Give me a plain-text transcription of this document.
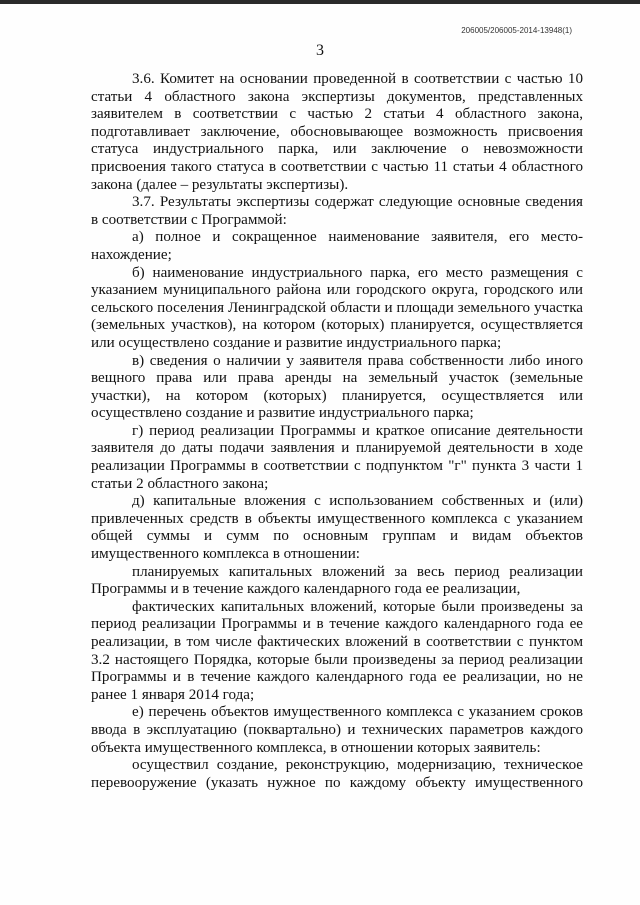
206005/206005-2014-13948(1)
3

3.6. Комитет на основании проведенной в соответствии с частью 10 статьи 4 областного закона экспертизы документов, представленных заявителем в соответствии с частью 2 статьи 4 областного закона, подготавливает заключение, обосновывающее возможность присвоения статуса индустриального парка, или заключение о невозможности присвоения такого статуса в соответствии с частью 11 статьи 4 областного закона (далее – результаты экспертизы).

3.7. Результаты экспертизы содержат следующие основные сведения в соответствии с Программой:

а) полное и сокращенное наименование заявителя, его место-нахождение;

б) наименование индустриального парка, его место размещения с указанием муниципального района или городского округа, городского или сельского поселения Ленинградской области и площади земельного участка (земельных участков), на котором (которых) планируется, осуществляется или осуществлено создание и развитие индустриального парка;

в) сведения о наличии у заявителя права собственности либо иного вещного права или права аренды на земельный участок (земельные участки), на котором (которых) планируется, осуществляется или осуществлено создание и развитие индустриального парка;

г) период реализации Программы и краткое описание деятельности заявителя до даты подачи заявления и планируемой деятельности в ходе реализации Программы в соответствии с подпунктом "г" пункта 3 части 1 статьи 2 областного закона;

д) капитальные вложения с использованием собственных и (или) привлеченных средств в объекты имущественного комплекса с указанием общей суммы и сумм по основным группам и видам объектов имущественного комплекса в отношении:

планируемых капитальных вложений за весь период реализации Программы и в течение каждого календарного года ее реализации,

фактических капитальных вложений, которые были произведены за период реализации Программы и в течение каждого календарного года ее реализации, в том числе фактических вложений в соответствии с пунктом 3.2 настоящего Порядка, которые были произведены за период реализации Программы и в течение каждого календарного года ее реализации, но не ранее 1 января 2014 года;

е) перечень объектов имущественного комплекса с указанием сроков ввода в эксплуатацию (поквартально) и технических параметров каждого объекта имущественного комплекса, в отношении которых заявитель:

осуществил создание, реконструкцию, модернизацию, техническое перевооружение (указать нужное по каждому объекту имущественного
